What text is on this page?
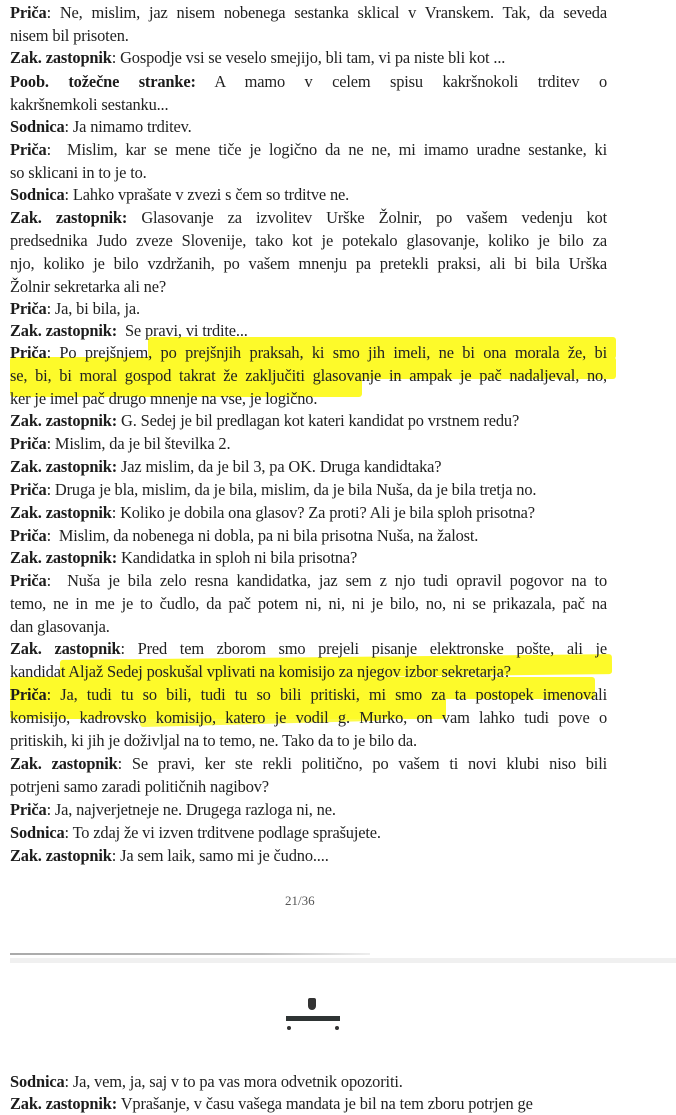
Priča: Ne, mislim, jaz nisem nobenega sestanka sklical v Vranskem. Tak, da seveda
nisem bil prisoten.
Zak. zastopnik: Gospodje vsi se veselo smejijo, bli tam, vi pa niste bli kot ...
Poob. tožečne stranke: A mamo v celem spisu kakršnokoli trditev o
kakršnemkoli sestanku...
Sodnica: Ja nimamo trditev.
Priča:  Mislim, kar se mene tiče je logično da ne ne, mi imamo uradne sestanke, ki
so sklicani in to je to.
Sodnica: Lahko vprašate v zvezi s čem so trditve ne.
Zak. zastopnik: Glasovanje za izvolitev Urške Žolnir, po vašem vedenju kot
predsednika Judo zveze Slovenije, tako kot je potekalo glasovanje, koliko je bilo za
njo, koliko je bilo vzdržanih, po vašem mnenju pa pretekli praksi, ali bi bila Urška
Žolnir sekretarka ali ne?
Priča: Ja, bi bila, ja.
Zak. zastopnik: Se pravi, vi trdite...
Priča: Po prejšnjem, po prejšnjih praksah, ki smo jih imeli, ne bi ona morala že, bi
se, bi, bi moral gospod takrat že zaključiti glasovanje in ampak je pač nadaljeval, no,
ker je imel pač drugo mnenje na vse, je logično.
Zak. zastopnik: G. Sedej je bil predlagan kot kateri kandidat po vrstnem redu?
Priča: Mislim, da je bil številka 2.
Zak. zastopnik: Jaz mislim, da je bil 3, pa OK. Druga kandidtaka?
Priča: Druga je bla, mislim, da je bila, mislim, da je bila Nuša, da je bila tretja no.
Zak. zastopnik: Koliko je dobila ona glasov? Za proti? Ali je bila sploh prisotna?
Priča:  Mislim, da nobenega ni dobla, pa ni bila prisotna Nuša, na žalost.
Zak. zastopnik: Kandidatka in sploh ni bila prisotna?
Priča:  Nuša je bila zelo resna kandidatka, jaz sem z njo tudi opravil pogovor na to
temo, ne in me je to čudlo, da pač potem ni, ni, ni je bilo, no, ni se prikazala, pač na
dan glasovanja.
Zak. zastopnik: Pred tem zborom smo prejeli pisanje elektronske pošte, ali je
kandidat Aljaž Sedej poskušal vplivati na komisijo za njegov izbor sekretarja?
Priča: Ja, tudi tu so bili, tudi tu so bili pritiski, mi smo za ta postopek imenovali
komisijo, kadrovsko komisijo, katero je vodil g. Murko, on vam lahko tudi pove o
pritiskih, ki jih je doživljal na to temo, ne. Tako da to je bilo da.
Zak. zastopnik: Se pravi, ker ste rekli politično, po vašem ti novi klubi niso bili
potrjeni samo zaradi političnih nagibov?
Priča: Ja, najverjetneje ne. Drugega razloga ni, ne.
Sodnica: To zdaj že vi izven trditvene podlage sprašujete.
Zak. zastopnik: Ja sem laik, samo mi je čudno....
21/36
Sodnica: Ja, vem, ja, saj v to pa vas mora odvetnik opozoriti.
Zak. zastopnik: Vprašanje, v času vašega mandata je bil na tem zboru potrjen ge
